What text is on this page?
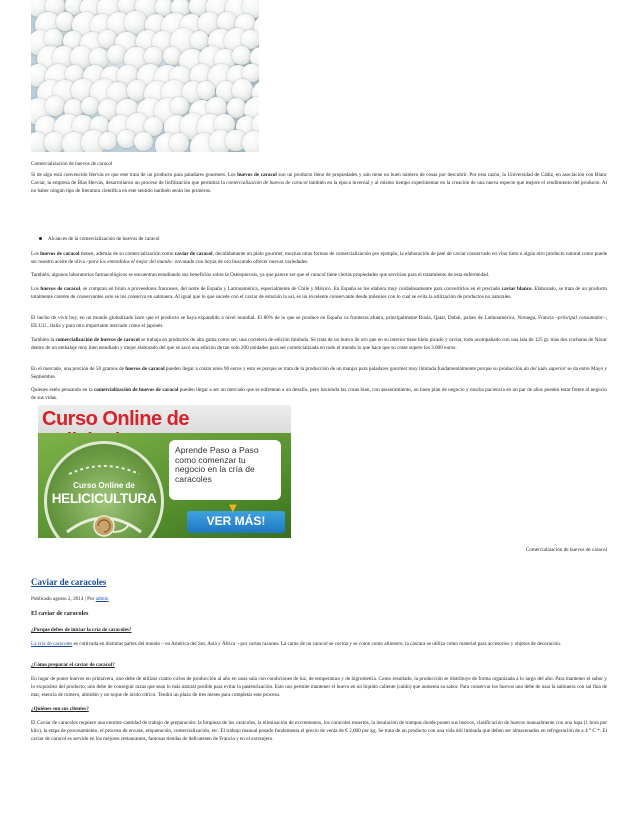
Comercialización de huevos de caracol

Si de algo está convencido Hervás es que este trata de un producto para paladares gourmets. Los huevos de caracol son un producto lleno de propiedades y aún tiene un buen número de cosas por descubrir. Por esta razón, la Universidad de Cádiz, en asociación con Blanc Caviar, la empresa de Blas Hervás, desarrollaron un proceso de liofilización que permitirá la comercialización de huevos de caracol también en la época invernal y al mismo tiempo experimentar en la creación de una nueva especie que mejore el rendimiento del producto. Al no haber ningún tipo de literatura científica en este sentido también serán los primeros.

Alcances de la comercialización de huevos de caracol

Los huevos de caracol tienen, además de su comercialización como caviar de caracol, decididamente un plato gourmet, muchas otras formas de comercialización por ejemplo, la elaboración de paté de caviar conservado en vino tinto o algún otro producto natural como puede ser nuestro aceite de oliva –para los entendidos el mejor del mundo– envasado con hoyas de oro buscando ofrecer nuevas variedades.

También, algunos laboratorios farmacológicos se encuentran estudiando sus beneficios sobre la Osteoporosis, ya que parece ser que el caracol tiene ciertas propiedades que servirían para el tratamiento de esta enfermedad.

Los huevos de caracol, se compran en bruto a proveedores franceses, del norte de España y Latinoamérica, especialmente de Chile y México. En España se los elabora muy cuidadosamente para convertirlos en el preciado caviar blanco. Elaborado, se trata de un producto totalmente carente de conservantes solo se los conserva en salmuera. Al igual que lo que sucede con el caviar de esturión la sal, es un excelente conservante desde milenios con lo cual se evita la utilización de productos no naturales.

El hecho de vivir hoy, en un mundo globalizado hace que el producto se haya expandido a nivel mundial. El 80% de lo que se produce en España va fronteras afuera, principalmente Rusia, Qatar, Dubái, países de Latinoamérica, Noruega, Francia –principal consumidor–, EE.UU., Italia y para otro importante mercado como el japonés.

También la comercialización de huevos de caracol se trabaja en productos de alta gama como ser, una coctelera de edición limitada. Se trata de un huevo de oro que en su interior tiene hielo picado y caviar, todo acompañado con una lata de 125 gr. más dos cucharas de Nácar dentro de un embalaje muy bien estudiado y mejor elaborado del que se sacó una edición de tan solo 200 unidades para ser comercializada en todo el mundo lo que hace que su coste supere los 3.000 euros.

En el mercado, una porción de 50 gramos de huevos de caracol pueden llegar a costar unos 90 euros y esto es porque se trata de la producción de un manjar para paladares gourmet muy limitada fundamentalmente porque su producción da del lado superior se da entre Mayo y Septiembre.

Quienes estén pensando en la comercialización de huevos de caracol pueden llegar a ser un mercado que se enfrentan a un desafío, pero haciendo las cosas bien, con asesoramiento, un buen plan de negocio y mucha paciencia en un par de años pueden estar frente al negocio de sus vidas.

Curso Online de
Curso Online de
HELICICULTURA
Aprende Paso a Paso como comenzar tu negocio en la cría de caracoles
▼
VER MÁS!
Comercialización de huevos de caracol
Caviar de caracoles
Publicado agosto 2, 2014 | Por admin
El caviar de caracoles
¿Porque debes de iniciar la cría de caracoles?

La cría de caracoles es cultivada en distintas partes del mundo – en América del Sur, Asia y África – por varias razones. La carne de un caracol se cocina y se come como alimento, la cáscara se utiliza como material para accesorios y objetos de decoración.

¿Cómo preparar el caviar de caracol?

En lugar de poner huevos en primavera, uno debe de utilizar cuatro ciclos de producción al año en unas sala con condiciones de luz, de temperatura y de higrometría. Como resultado, la producción se distribuye de forma organizada a lo largo del año. Para mantener el sabor y lo exquisitez del producto, uno debe de conseguir razas que sean lo más natural posible para evitar la pasteurización. Esto nos permite mantener el huevo en un líquido caliente (caldo) que aumenta su sabor. Para conservar los huevos uno debe de usar la salmuera con sal fina de mar, esencia de romero, almidón y un toque de ácido cítrico. Tendrá un plazo de tres meses para completar este proceso.

¿Quiénes son sus clientes?

El Caviar de caracoles requiere una enorme cantidad de trabajo de preparación: la limpieza de los caracoles, la eliminación de excrementos, los caracoles muertos, la insulación de trampas donde ponen sus huevos, clasificación de huevos manualmente con una lupa (1 hora por kilo), la etapa de procesamiento, el proceso de envase, etiquetación, comercialización, etc. El trabajo manual posado fundamenta el precio de venta de € 2,000 por kg. Se trata de un producto con una vida útil limitada que deben ser almacenados en refrigeración de a 4 ° C *. El caviar de caracol es servido en los mejores restaurantes, famosas tiendas de delicatesen de Francia y en el extranjero.
